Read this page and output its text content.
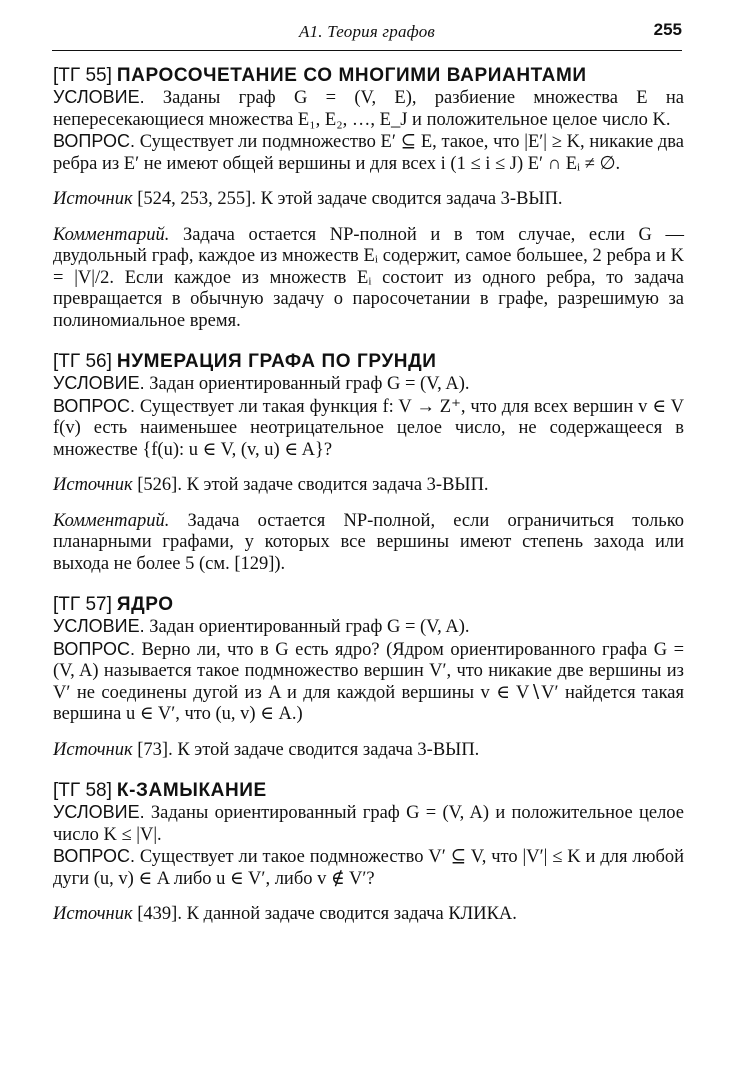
А1. Теория графов	255

[ТГ 55] ПАРОСОЧЕТАНИЕ СО МНОГИМИ ВАРИАНТАМИ

УСЛОВИЕ. Заданы граф G = (V, E), разбиение множества E на непересекающиеся множества E₁, E₂, …, E_J и положительное целое число K.

ВОПРОС. Существует ли подмножество E′ ⊆ E, такое, что |E′| ≥ K, никакие два ребра из E′ не имеют общей вершины и для всех i (1 ≤ i ≤ J) E′ ∩ Eᵢ ≠ ∅.

Источник [524, 253, 255]. К этой задаче сводится задача 3-ВЫП.

Комментарий. Задача остается NP-полной и в том случае, если G — двудольный граф, каждое из множеств Eᵢ содержит, самое большее, 2 ребра и K = |V|/2. Если каждое из множеств Eᵢ состоит из одного ребра, то задача превращается в обычную задачу о паросочетании в графе, разрешимую за полиномиальное время.

[ТГ 56] НУМЕРАЦИЯ ГРАФА ПО ГРУНДИ

УСЛОВИЕ. Задан ориентированный граф G = (V, A).

ВОПРОС. Существует ли такая функция f: V → Z⁺, что для всех вершин v ∈ V f(v) есть наименьшее неотрицательное целое число, не содержащееся в множестве {f(u): u ∈ V, (v, u) ∈ A}?

Источник [526]. К этой задаче сводится задача 3-ВЫП.

Комментарий. Задача остается NP-полной, если ограничиться только планарными графами, у которых все вершины имеют степень захода или выхода не более 5 (см. [129]).

[ТГ 57] ЯДРО

УСЛОВИЕ. Задан ориентированный граф G = (V, A).

ВОПРОС. Верно ли, что в G есть ядро? (Ядром ориентированного графа G = (V, A) называется такое подмножество вершин V′, что никакие две вершины из V′ не соединены дугой из A и для каждой вершины v ∈ V∖V′ найдется такая вершина u ∈ V′, что (u, v) ∈ A.)

Источник [73]. К этой задаче сводится задача 3-ВЫП.

[ТГ 58] К-ЗАМЫКАНИЕ

УСЛОВИЕ. Заданы ориентированный граф G = (V, A) и положительное целое число K ≤ |V|.

ВОПРОС. Существует ли такое подмножество V′ ⊆ V, что |V′| ≤ K и для любой дуги (u, v) ∈ A либо u ∈ V′, либо v ∉ V′?

Источник [439]. К данной задаче сводится задача КЛИКА.
